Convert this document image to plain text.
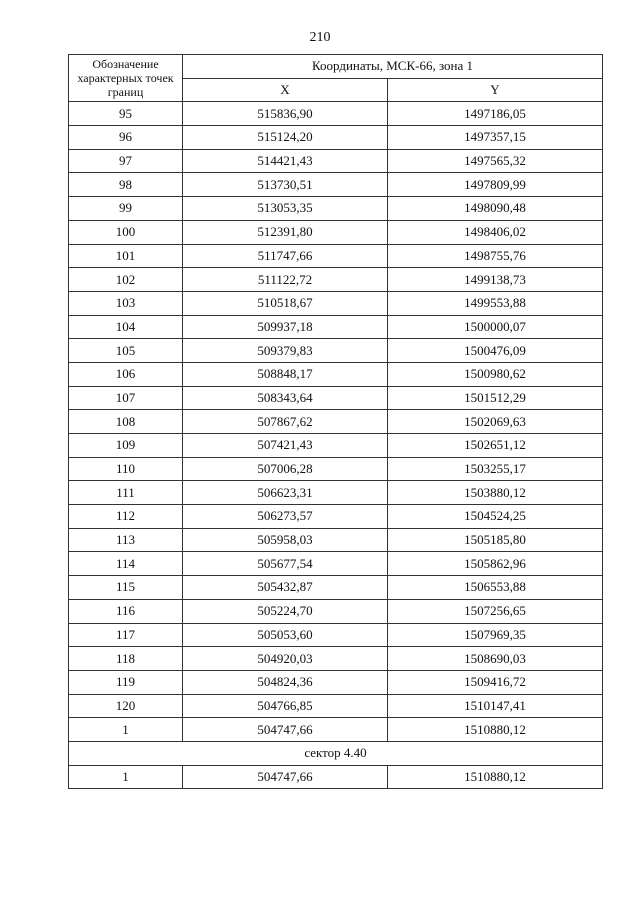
210
Обозначение характерных точек границ	Координаты, МСК-66, зона 1	
	X	Y
95	515836,90	1497186,05
96	515124,20	1497357,15
97	514421,43	1497565,32
98	513730,51	1497809,99
99	513053,35	1498090,48
100	512391,80	1498406,02
101	511747,66	1498755,76
102	511122,72	1499138,73
103	510518,67	1499553,88
104	509937,18	1500000,07
105	509379,83	1500476,09
106	508848,17	1500980,62
107	508343,64	1501512,29
108	507867,62	1502069,63
109	507421,43	1502651,12
110	507006,28	1503255,17
111	506623,31	1503880,12
112	506273,57	1504524,25
113	505958,03	1505185,80
114	505677,54	1505862,96
115	505432,87	1506553,88
116	505224,70	1507256,65
117	505053,60	1507969,35
118	504920,03	1508690,03
119	504824,36	1509416,72
120	504766,85	1510147,41
1	504747,66	1510880,12
сектор 4.40		
1	504747,66	1510880,12
